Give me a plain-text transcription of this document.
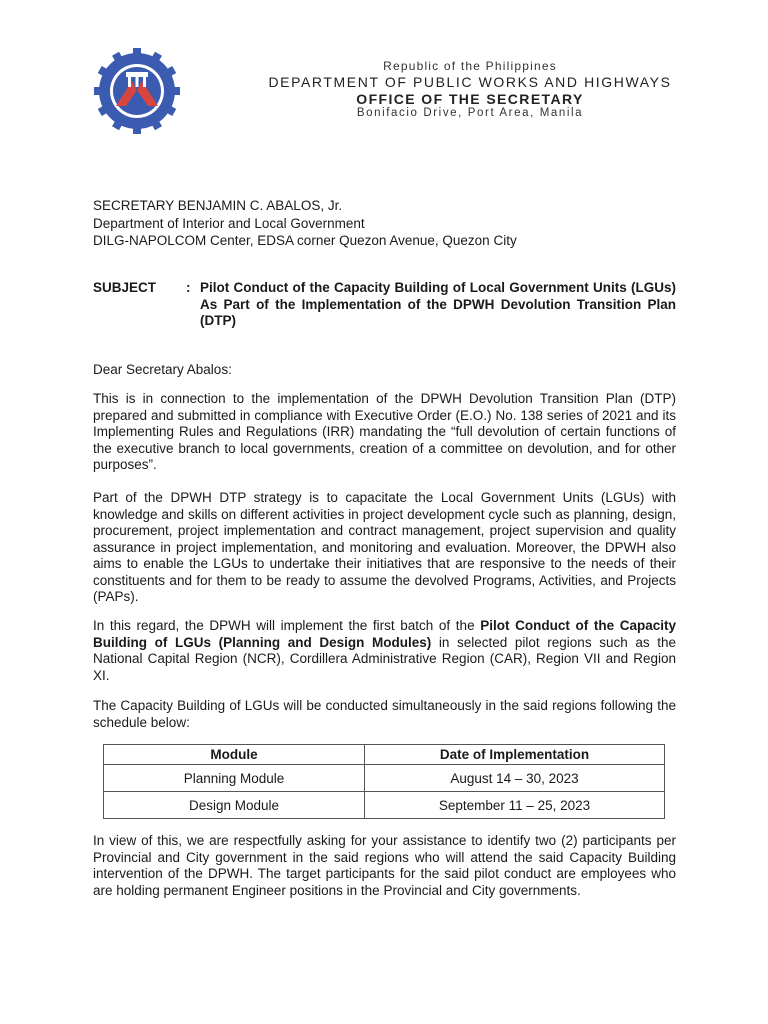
Republic of the Philippines
DEPARTMENT OF PUBLIC WORKS AND HIGHWAYS
OFFICE OF THE SECRETARY
Bonifacio Drive, Port Area, Manila
SECRETARY BENJAMIN C. ABALOS, Jr.
Department of Interior and Local Government
DILG-NAPOLCOM Center, EDSA corner Quezon Avenue, Quezon City
SUBJECT : Pilot Conduct of the Capacity Building of Local Government Units (LGUs) As Part of the Implementation of the DPWH Devolution Transition Plan (DTP)
Dear Secretary Abalos:
This is in connection to the implementation of the DPWH Devolution Transition Plan (DTP) prepared and submitted in compliance with Executive Order (E.O.) No. 138 series of 2021 and its Implementing Rules and Regulations (IRR) mandating the “full devolution of certain functions of the executive branch to local governments, creation of a committee on devolution, and for other purposes”.
Part of the DPWH DTP strategy is to capacitate the Local Government Units (LGUs) with knowledge and skills on different activities in project development cycle such as planning, design, procurement, project implementation and contract management, project supervision and quality assurance in project implementation, and monitoring and evaluation. Moreover, the DPWH also aims to enable the LGUs to undertake their initiatives that are responsive to the needs of their constituents and for them to be ready to assume the devolved Programs, Activities, and Projects (PAPs).
In this regard, the DPWH will implement the first batch of the Pilot Conduct of the Capacity Building of LGUs (Planning and Design Modules) in selected pilot regions such as the National Capital Region (NCR), Cordillera Administrative Region (CAR), Region VII and Region XI.
The Capacity Building of LGUs will be conducted simultaneously in the said regions following the schedule below:
Module	Date of Implementation
Planning Module	August 14 – 30, 2023
Design Module	September 11 – 25, 2023
In view of this, we are respectfully asking for your assistance to identify two (2) participants per Provincial and City government in the said regions who will attend the said Capacity Building intervention of the DPWH. The target participants for the said pilot conduct are employees who are holding permanent Engineer positions in the Provincial and City governments.
